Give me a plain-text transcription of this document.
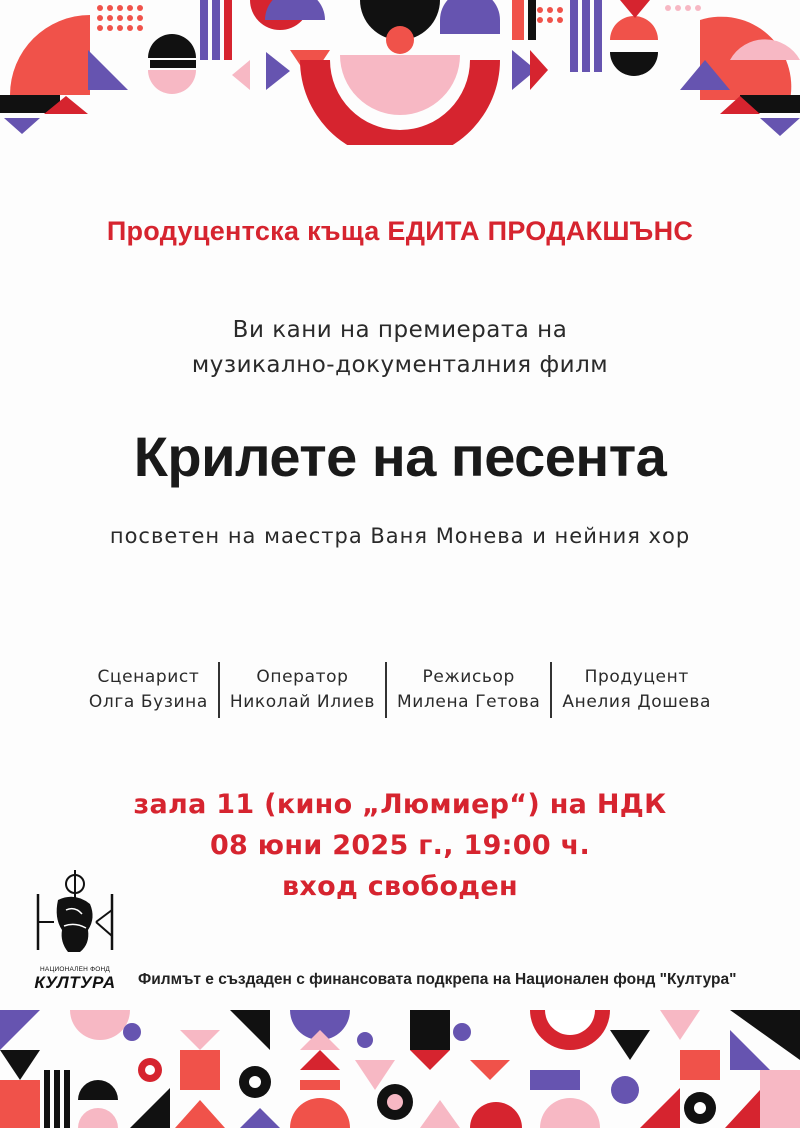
Продуцентска къща ЕДИТА ПРОДАКШЪНС
Ви кани на премиерата на
музикално-документалния филм
Крилете на песента
посветен на маестра Ваня Монева и нейния хор
Сценарист
Олга Бузина
Оператор
Николай Илиев
Режисьор
Милена Гетова
Продуцент
Анелия Дошева
зала 11 (кино „Люмиер“) на НДК
08 юни 2025 г., 19:00 ч.
вход свободен
НАЦИОНАЛЕН ФОНД
КУЛТУРА Филмът е създаден с финансовата подкрепа на Национален фонд "Култура"
